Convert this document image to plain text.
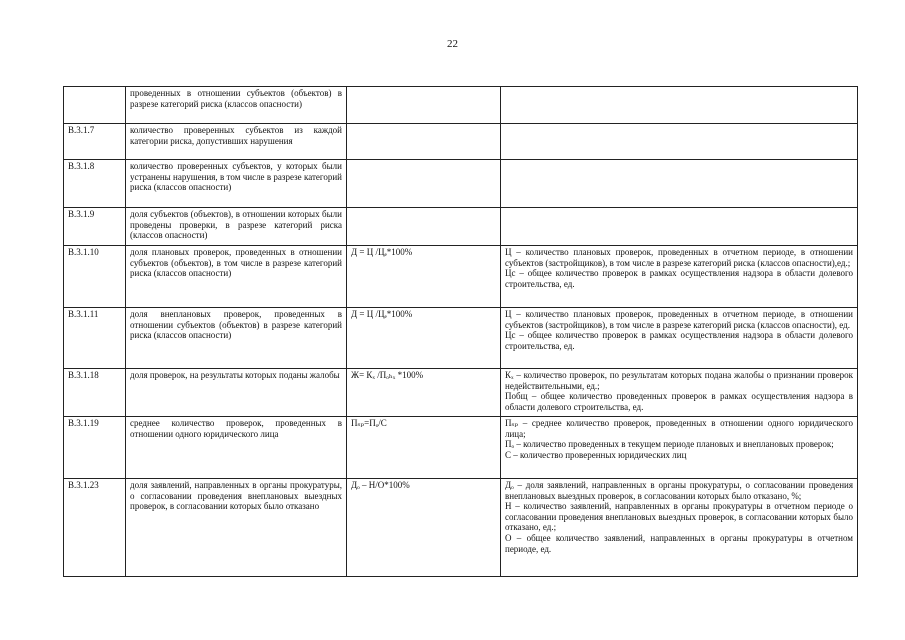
22
	проведенных в отношении субъектов (объектов) в разрезе категорий риска (классов опасности)		
В.3.1.7	количество проверенных субъектов из каждой категории риска, допустивших нарушения		
В.3.1.8	количество проверенных субъектов, у которых были устранены нарушения, в том числе в разрезе категорий риска (классов опасности)		
В.3.1.9	доля субъектов (объектов), в отношении которых были проведены проверки, в разрезе категорий риска (классов опасности)		
В.3.1.10	доля плановых проверок, проведенных в отношении субъектов (объектов), в том числе в разрезе категорий риска (классов опасности)	Д = Ц /Цₑ*100%	Ц – количество плановых проверок, проведенных в отчетном периоде, в отношении субъектов (застройщиков), в том числе в разрезе категорий риска (классов опасности),ед.;
Цс – общее количество проверок в рамках осуществления надзора в области долевого строительства, ед.

В.3.1.11	доля внеплановых проверок, проведенных в отношении субъектов (объектов) в разрезе категорий риска (классов опасности)	Д = Ц /Цₑ*100%	Ц – количество плановых проверок, проведенных в отчетном периоде, в отношении субъектов (застройщиков), в том числе в разрезе категорий риска (классов опасности), ед.
Цс – общее количество проверок в рамках осуществления надзора в области долевого строительства, ед.

В.3.1.18	доля проверок, на результаты которых поданы жалобы	Ж= Кₓ /Пₒₕₓ *100%	Кₓ – количество проверок, по результатам которых подана жалобы о признании проверок недействительными, ед.;
Побщ – общее количество проведенных проверок в рамках осуществления надзора в области долевого строительства, ед.

В.3.1.19	среднее количество проверок, проведенных в отношении одного юридического лица	Пₛₚ=Пₒ/С	Пₛₚ – среднее количество проверок, проведенных в отношении одного юридического лица;
Пₒ – количество проведенных в текущем периоде плановых и внеплановых проверок;
С – количество проверенных юридических лиц

В.3.1.23	доля заявлений, направленных в органы прокуратуры, о согласовании проведения внеплановых выездных проверок, в согласовании которых было отказано	Дₒ – Н/О*100%	Дₒ – доля заявлений, направленных в органы прокуратуры, о согласовании проведения внеплановых выездных проверок, в согласовании которых было отказано, %;
Н – количество заявлений, направленных в органы прокуратуры в отчетном периоде о согласовании проведения внеплановых выездных проверок, в согласовании которых было отказано, ед.;
О – общее количество заявлений, направленных в органы прокуратуры в отчетном периоде, ед.
